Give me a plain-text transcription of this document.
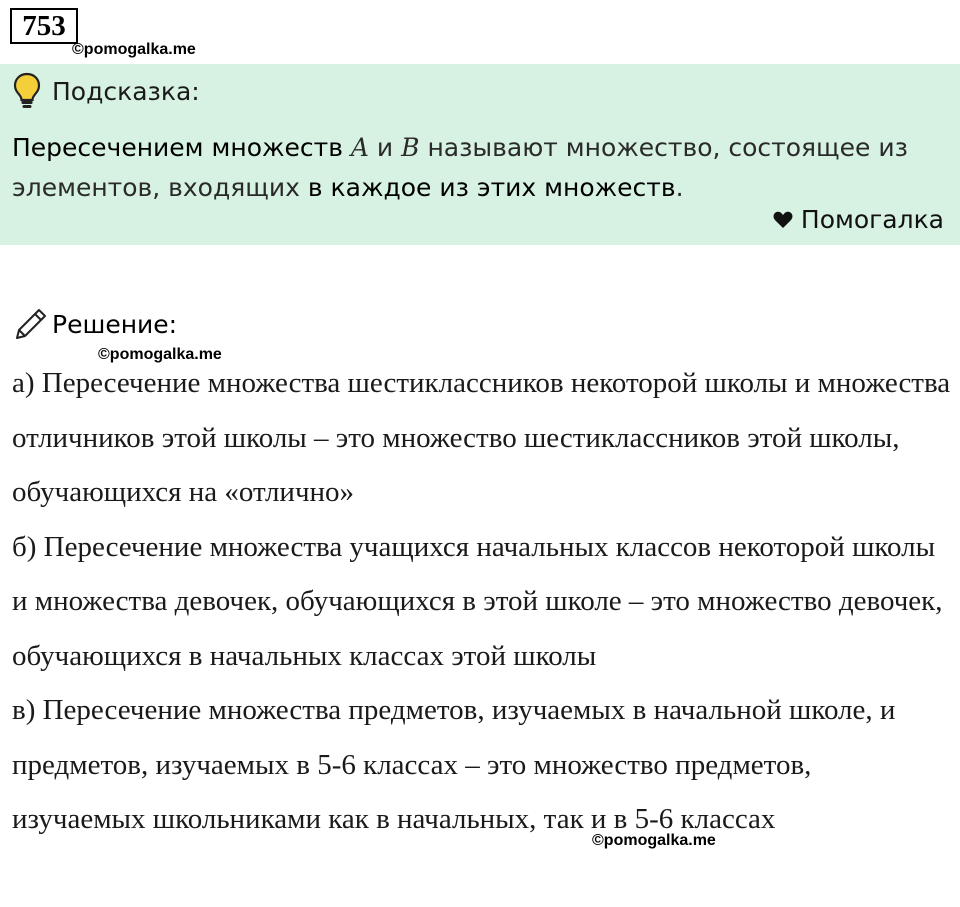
753
©pomogalka.me
Подсказка:
Пересечением множеств A и B называют множество, состоящее из элементов, входящих в каждое из этих множеств.
Помогалка
Решение:
©pomogalka.me

а) Пересечение множества шестиклассников некоторой школы и множества отличников этой школы – это множество шестиклассников этой школы, обучающихся на «отлично»

б) Пересечение множества учащихся начальных классов некоторой школы и множества девочек, обучающихся в этой школе – это множество девочек, обучающихся в начальных классах этой школы

в) Пересечение множества предметов, изучаемых в начальной школе, и предметов, изучаемых в 5-6 классах – это множество предметов, изучаемых школьниками как в начальных, так и в 5-6 классах

©pomogalka.me
